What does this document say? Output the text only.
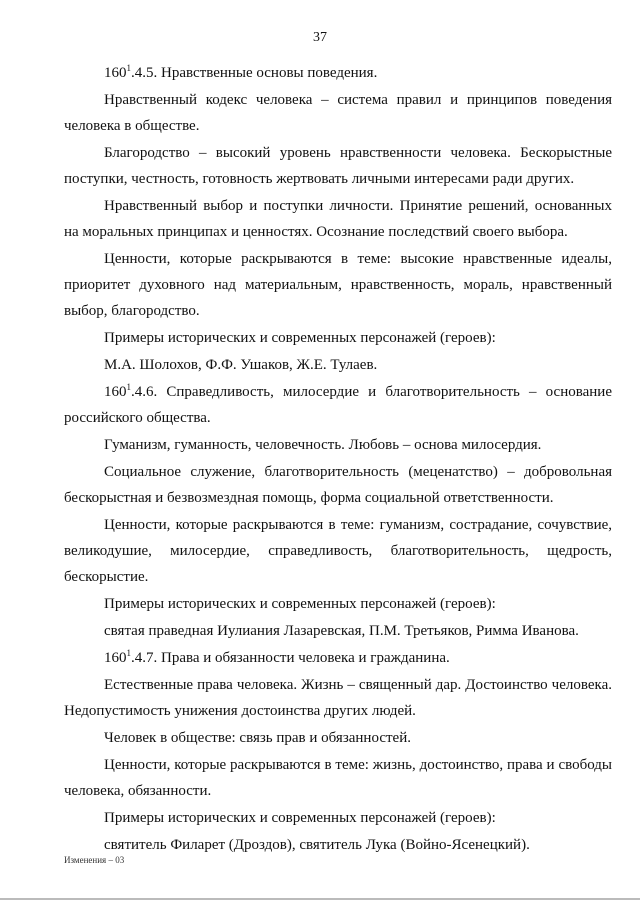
37

$160^1.4.5$. Нравственные основы поведения.

Нравственный кодекс человека – система правил и принципов поведения человека в обществе.

Благородство – высокий уровень нравственности человека. Бескорыстные поступки, честность, готовность жертвовать личными интересами ради других.

Нравственный выбор и поступки личности. Принятие решений, основанных на моральных принципах и ценностях. Осознание последствий своего выбора.

Ценности, которые раскрываются в теме: высокие нравственные идеалы, приоритет духовного над материальным, нравственность, мораль, нравственный выбор, благородство.

Примеры исторических и современных персонажей (героев):

М.А. Шолохов, Ф.Ф. Ушаков, Ж.Е. Тулаев.

$160^1.4.6$. Справедливость, милосердие и благотворительность – основание российского общества.

Гуманизм, гуманность, человечность. Любовь – основа милосердия.

Социальное служение, благотворительность (меценатство) – добровольная бескорыстная и безвозмездная помощь, форма социальной ответственности.

Ценности, которые раскрываются в теме: гуманизм, сострадание, сочувствие, великодушие, милосердие, справедливость, благотворительность, щедрость, бескорыстие.

Примеры исторических и современных персонажей (героев):

святая праведная Иулиания Лазаревская, П.М. Третьяков, Римма Иванова.

$160^1.4.7$. Права и обязанности человека и гражданина.

Естественные права человека. Жизнь – священный дар. Достоинство человека. Недопустимость унижения достоинства других людей.

Человек в обществе: связь прав и обязанностей.

Ценности, которые раскрываются в теме: жизнь, достоинство, права и свободы человека, обязанности.

Примеры исторических и современных персонажей (героев):

святитель Филарет (Дроздов), святитель Лука (Войно-Ясенецкий).

Изменения – 03
